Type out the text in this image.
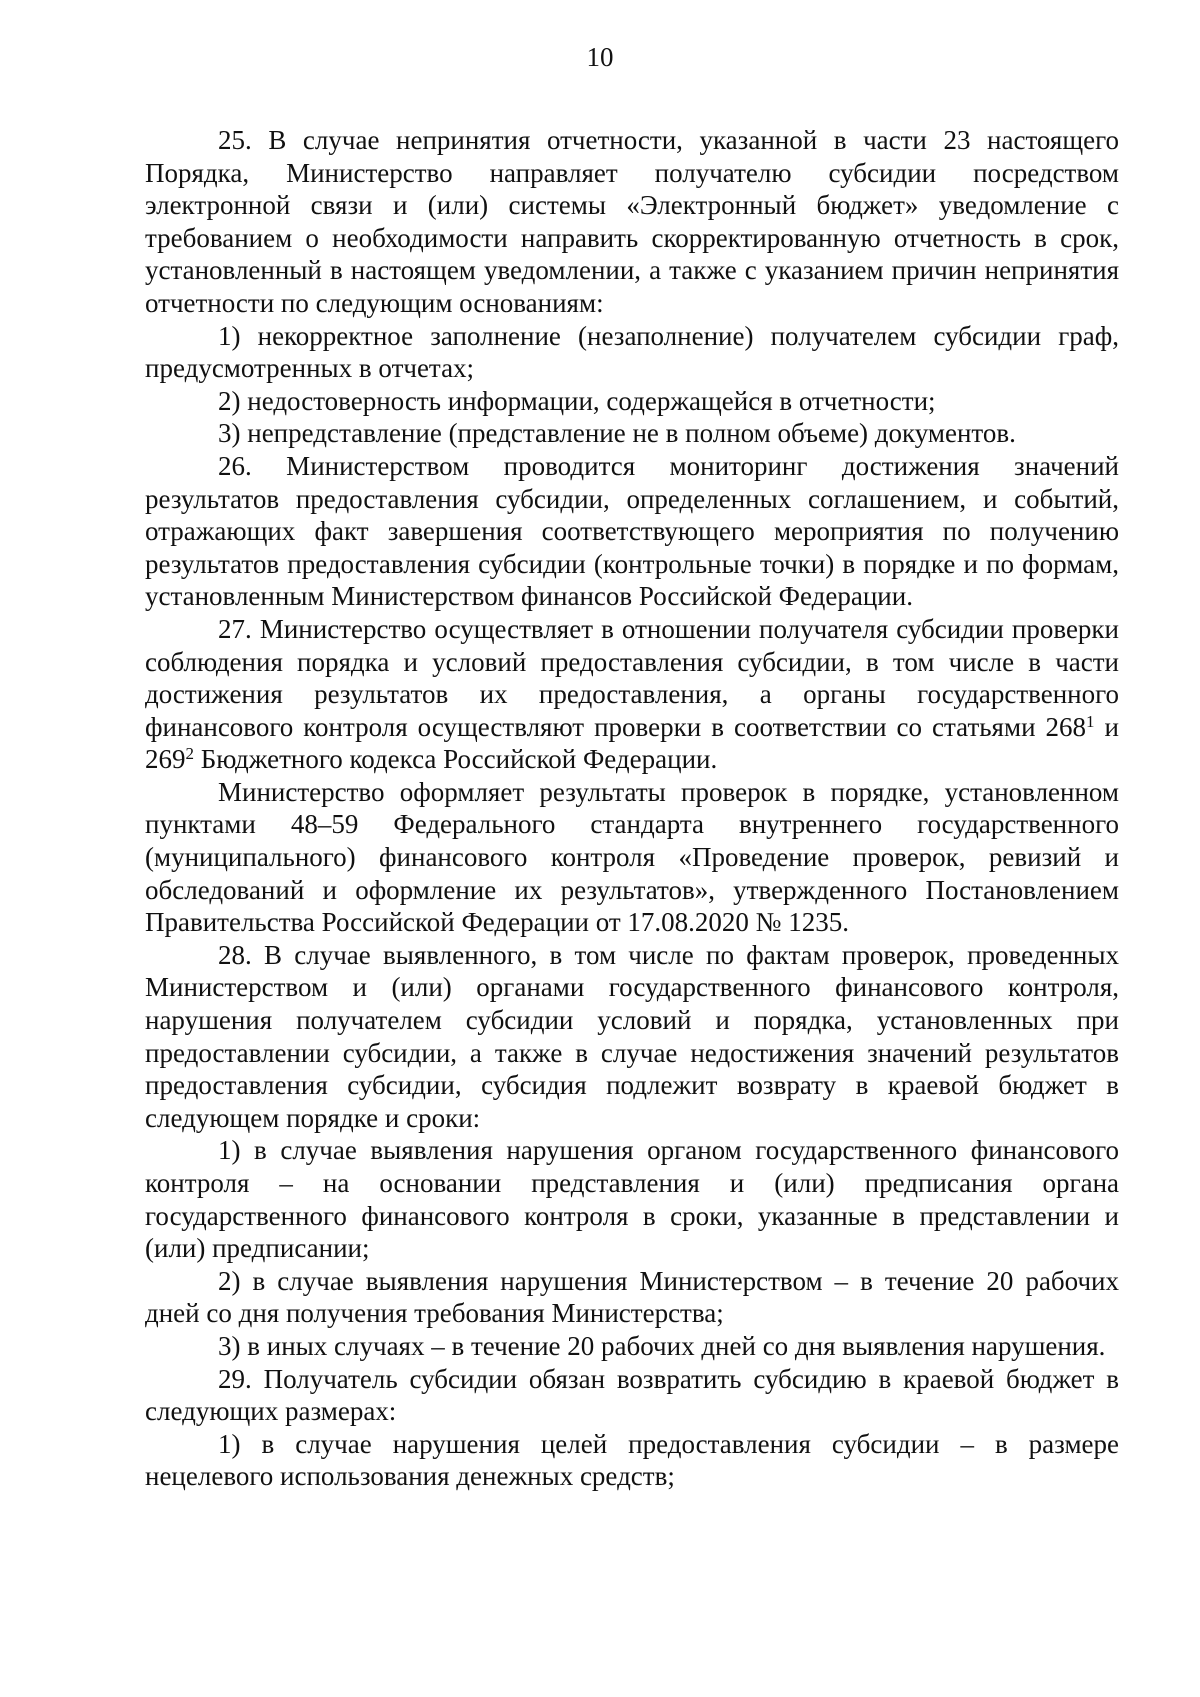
10

25. В случае непринятия отчетности, указанной в части 23 настоящего Порядка, Министерство направляет получателю субсидии посредством электронной связи и (или) системы «Электронный бюджет» уведомление с требованием о необходимости направить скорректированную отчетность в срок, установленный в настоящем уведомлении, а также с указанием причин непринятия отчетности по следующим основаниям:

1) некорректное заполнение (незаполнение) получателем субсидии граф, предусмотренных в отчетах;

2) недостоверность информации, содержащейся в отчетности;

3) непредставление (представление не в полном объеме) документов.

26. Министерством проводится мониторинг достижения значений результатов предоставления субсидии, определенных соглашением, и событий, отражающих факт завершения соответствующего мероприятия по получению результатов предоставления субсидии (контрольные точки) в порядке и по формам, установленным Министерством финансов Российской Федерации.

27. Министерство осуществляет в отношении получателя субсидии проверки соблюдения порядка и условий предоставления субсидии, в том числе в части достижения результатов их предоставления, а органы государственного финансового контроля осуществляют проверки в соответствии со статьями $268^1$ и $269^2$ Бюджетного кодекса Российской Федерации.

Министерство оформляет результаты проверок в порядке, установленном пунктами 48–59 Федерального стандарта внутреннего государственного (муниципального) финансового контроля «Проведение проверок, ревизий и обследований и оформление их результатов», утвержденного Постановлением Правительства Российской Федерации от 17.08.2020 № 1235.

28. В случае выявленного, в том числе по фактам проверок, проведенных Министерством и (или) органами государственного финансового контроля, нарушения получателем субсидии условий и порядка, установленных при предоставлении субсидии, а также в случае недостижения значений результатов предоставления субсидии, субсидия подлежит возврату в краевой бюджет в следующем порядке и сроки:

1) в случае выявления нарушения органом государственного финансового контроля – на основании представления и (или) предписания органа государственного финансового контроля в сроки, указанные в представлении и (или) предписании;

2) в случае выявления нарушения Министерством – в течение 20 рабочих дней со дня получения требования Министерства;

3) в иных случаях – в течение 20 рабочих дней со дня выявления нарушения.

29. Получатель субсидии обязан возвратить субсидию в краевой бюджет в следующих размерах:

1) в случае нарушения целей предоставления субсидии – в размере нецелевого использования денежных средств;
